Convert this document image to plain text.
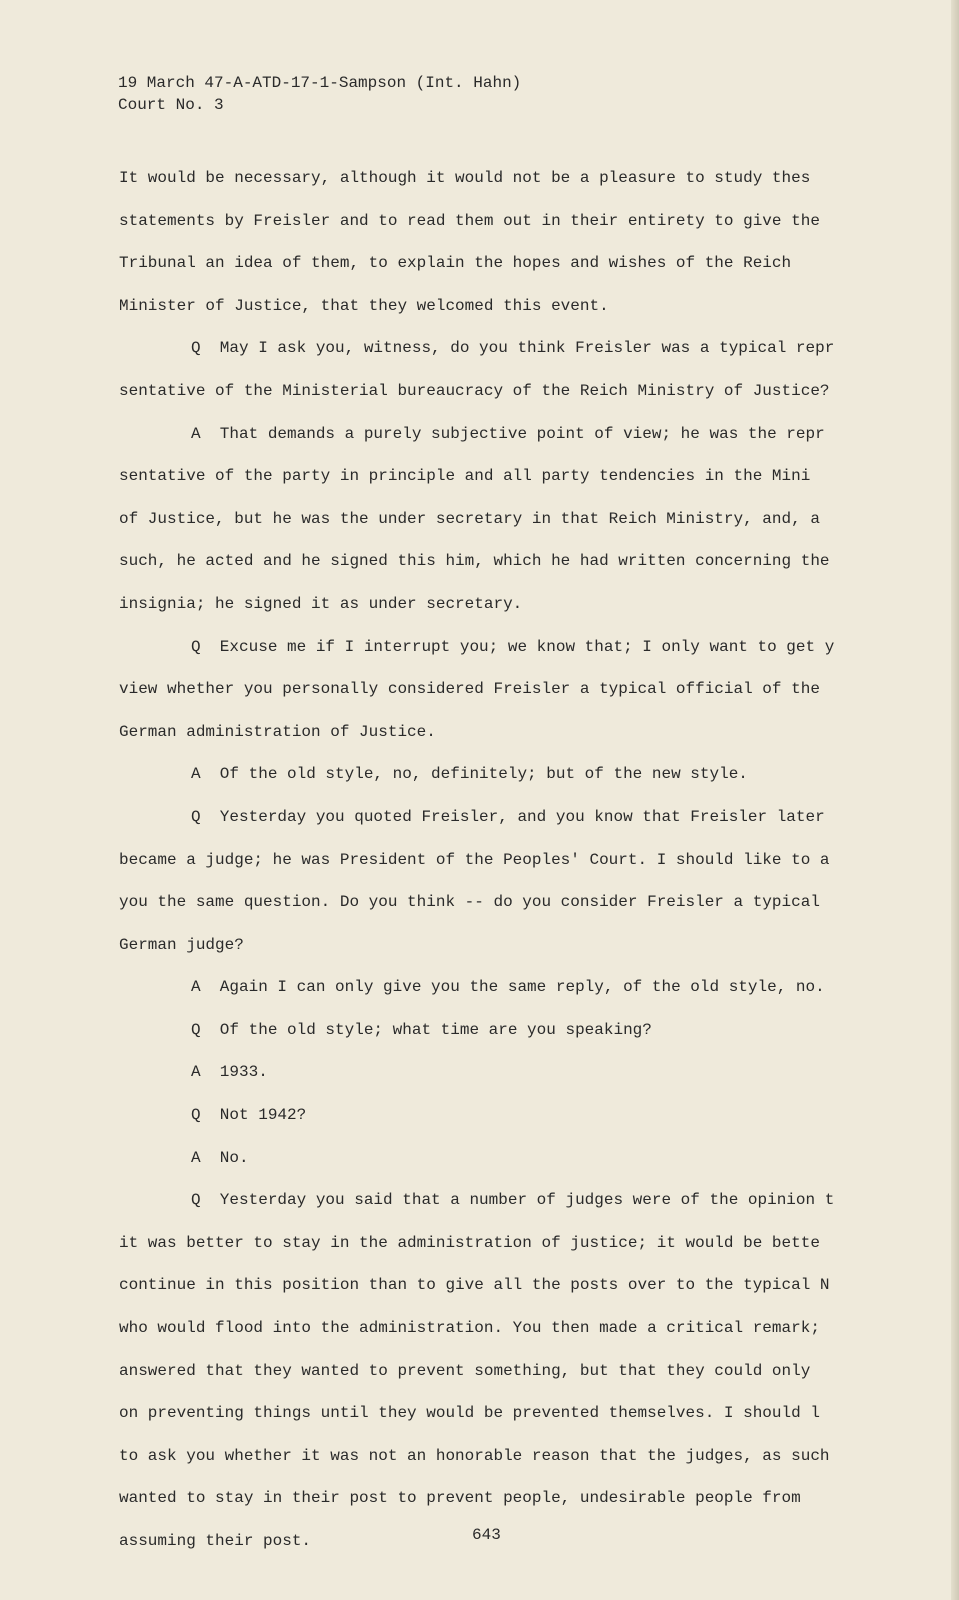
19 March 47-A-ATD-17-1-Sampson (Int. Hahn)
Court No. 3
It would be necessary, although it would not be a pleasure to study thes
statements by Freisler and to read them out in their entirety to give the
Tribunal an idea of them, to explain the hopes and wishes of the Reich
Minister of Justice, that they welcomed this event.
Q  May I ask you, witness, do you think Freisler was a typical repr
sentative of the Ministerial bureaucracy of the Reich Ministry of Justice?
A  That demands a purely subjective point of view; he was the repr
sentative of the party in principle and all party tendencies in the Mini
of Justice, but he was the under secretary in that Reich Ministry, and, a
such, he acted and he signed this him, which he had written concerning the
insignia; he signed it as under secretary.
Q  Excuse me if I interrupt you; we know that; I only want to get y
view whether you personally considered Freisler a typical official of the
German administration of Justice.
A  Of the old style, no, definitely; but of the new style.
Q  Yesterday you quoted Freisler, and you know that Freisler later
became a judge; he was President of the Peoples' Court. I should like to a
you the same question. Do you think -- do you consider Freisler a typical
German judge?
A  Again I can only give you the same reply, of the old style, no.
Q  Of the old style; what time are you speaking?
A  1933.
Q  Not 1942?
A  No.
Q  Yesterday you said that a number of judges were of the opinion t
it was better to stay in the administration of justice; it would be bette
continue in this position than to give all the posts over to the typical N
who would flood into the administration. You then made a critical remark;
answered that they wanted to prevent something, but that they could only
on preventing things until they would be prevented themselves. I should l
to ask you whether it was not an honorable reason that the judges, as such
wanted to stay in their post to prevent people, undesirable people from
assuming their post.	643
